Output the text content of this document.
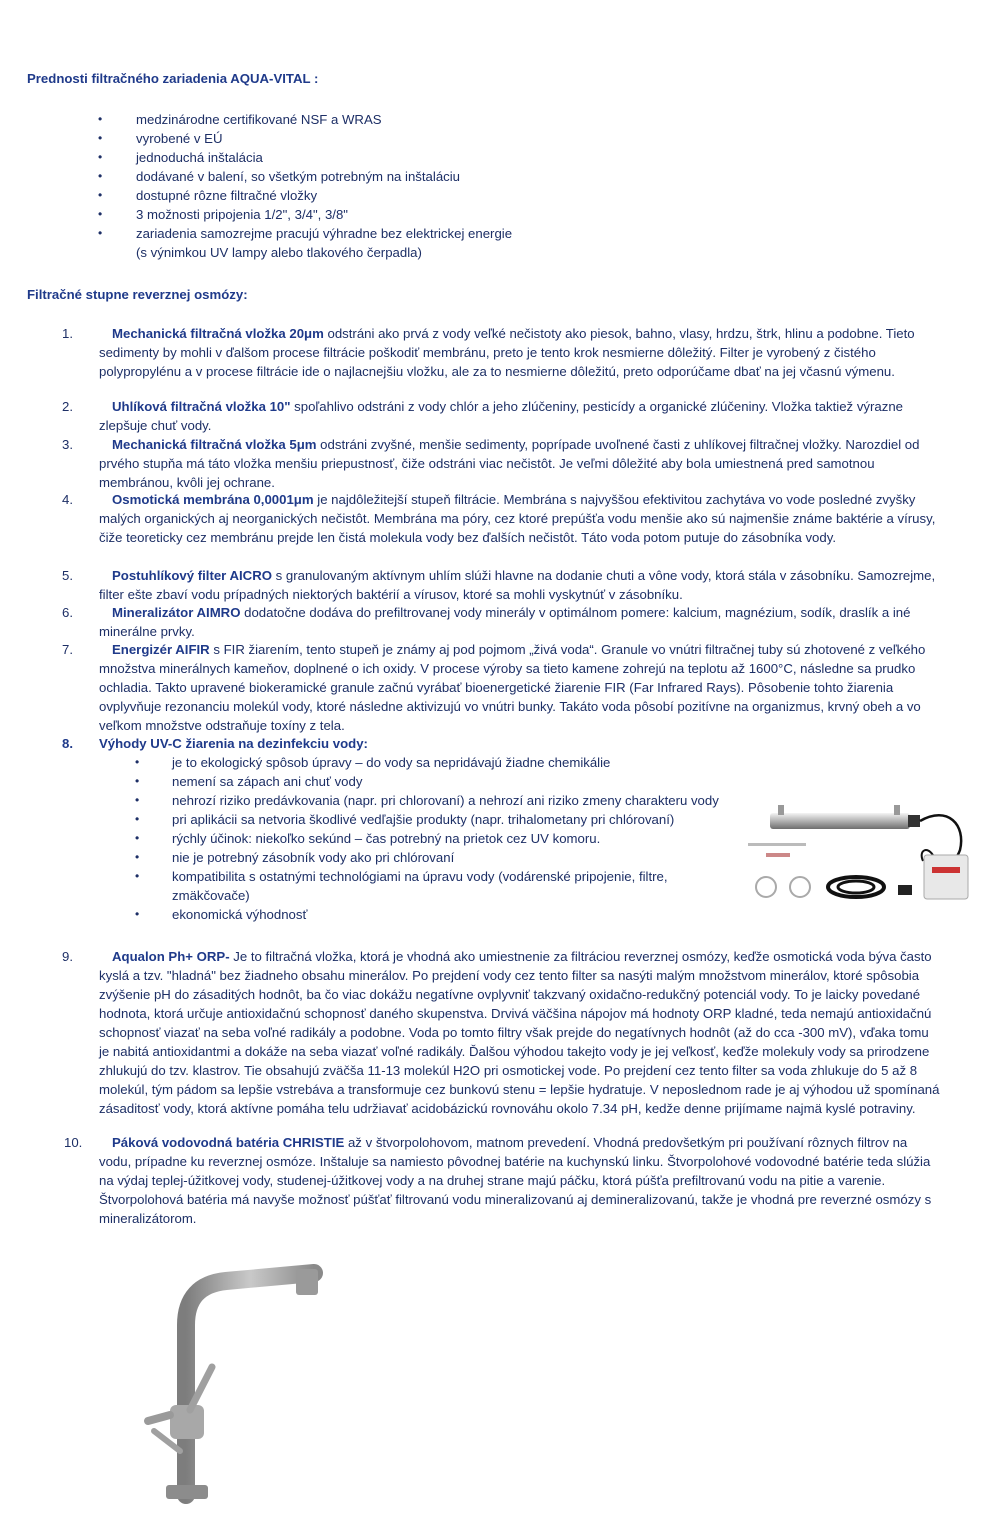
Prednosti filtračného zariadenia AQUA-VITAL :
•	medzinárodne certifikované NSF a WRAS
•	vyrobené v EÚ
•	jednoduchá inštalácia
•	dodávané v balení, so všetkým potrebným na inštaláciu
•	dostupné rôzne filtračné vložky
•	3 možnosti pripojenia 1/2", 3/4", 3/8"
•	zariadenia samozrejme pracujú výhradne bez elektrickej energie
(s výnimkou UV lampy alebo tlakového čerpadla)
Filtračné stupne reverznej osmózy:
1.	Mechanická filtračná vložka 20μm odstráni ako prvá z vody veľké nečistoty ako piesok, bahno, vlasy, hrdzu, štrk, hlinu a podobne. Tieto sedimenty by mohli v ďalšom procese filtrácie poškodiť membránu, preto je tento krok nesmierne dôležitý. Filter je vyrobený z čistého polypropylénu a v procese filtrácie ide o najlacnejšiu vložku, ale za to nesmierne dôležitú, preto odporúčame dbať na jej včasnú výmenu.
2.	Uhlíková filtračná vložka 10" spoľahlivo odstráni z vody chlór a jeho zlúčeniny, pesticídy a organické zlúčeniny. Vložka taktiež výrazne zlepšuje chuť vody.
3.	Mechanická filtračná vložka 5μm odstráni zvyšné, menšie sedimenty, poprípade uvoľnené časti z uhlíkovej filtračnej vložky. Narozdiel od prvého stupňa má táto vložka menšiu priepustnosť, čiže odstráni viac nečistôt. Je veľmi dôležité aby bola umiestnená pred samotnou membránou, kvôli jej ochrane.
4.	Osmotická membrána 0,0001μm je najdôležitejší stupeň filtrácie. Membrána s najvyššou efektivitou zachytáva vo vode posledné zvyšky malých organických aj neorganických nečistôt. Membrána ma póry, cez ktoré prepúšťa vodu menšie ako sú najmenšie známe baktérie a vírusy, čiže teoreticky cez membránu prejde len čistá molekula vody bez ďalších nečistôt. Táto voda potom putuje do zásobníka vody.
5.	Postuhlíkový filter AICRO s granulovaným aktívnym uhlím slúži hlavne na dodanie chuti a vône vody, ktorá stála v zásobníku. Samozrejme, filter ešte zbaví vodu prípadných niektorých baktérií a vírusov, ktoré sa mohli vyskytnúť v zásobníku.
6.	Mineralizátor AIMRO dodatočne dodáva do prefiltrovanej vody minerály v optimálnom pomere: kalcium, magnézium, sodík, draslík a iné minerálne prvky.
7.	Energizér AIFIR s FIR žiarením, tento stupeň je známy aj pod pojmom „živá voda“. Granule vo vnútri filtračnej tuby sú zhotovené z veľkého množstva minerálnych kameňov, doplnené o ich oxidy. V procese výroby sa tieto kamene zohrejú na teplotu až 1600°C, následne sa prudko ochladia. Takto upravené biokeramické granule začnú vyrábať bioenergetické žiarenie FIR (Far Infrared Rays). Pôsobenie tohto žiarenia ovplyvňuje rezonanciu molekúl vody, ktoré následne aktivizujú vo vnútri bunky. Takáto voda pôsobí pozitívne na organizmus, krvný obeh a vo veľkom množstve odstraňuje toxíny z tela.
8. Výhody UV-C žiarenia na dezinfekciu vody:
• je to ekologický spôsob úpravy – do vody sa nepridávajú žiadne chemikálie
• nemení sa zápach ani chuť vody
• nehrozí riziko predávkovania (napr. pri chlorovaní) a nehrozí ani riziko zmeny charakteru vody
• pri aplikácii sa netvoria škodlivé vedľajšie produkty (napr. trihalometany pri chlórovaní)
• rýchly účinok: niekoľko sekúnd – čas potrebný na prietok cez UV komoru.
• nie je potrebný zásobník vody ako pri chlórovaní
• kompatibilita s ostatnými technológiami na úpravu vody (vodárenské pripojenie, filtre, zmäkčovače)
• ekonomická výhodnosť
9.	Aqualon Ph+ ORP- Je to filtračná vložka, ktorá je vhodná ako umiestnenie za filtráciou reverznej osmózy, keďže osmotická voda býva často kyslá a tzv. "hladná" bez žiadneho obsahu minerálov. Po prejdení vody cez tento filter sa nasýti malým množstvom minerálov, ktoré spôsobia zvýšenie pH do zásaditých hodnôt, ba čo viac dokážu negatívne ovplyvniť takzvaný oxidačno-redukčný potenciál vody. To je laicky povedané hodnota, ktorá určuje antioxidačnú schopnosť daného skupenstva. Drvivá väčšina nápojov má hodnoty ORP kladné, teda nemajú antioxidačnú schopnosť viazať na seba voľné radikály a podobne. Voda po tomto filtry však prejde do negatívnych hodnôt (až do cca -300 mV), vďaka tomu je nabitá antioxidantmi a dokáže na seba viazať voľné radikály. Ďalšou výhodou takejto vody je jej veľkosť, keďže molekuly vody sa prirodzene zhlukujú do tzv. klastrov. Tie obsahujú zväčša 11-13 molekúl H2O pri osmotickej vode. Po prejdení cez tento filter sa voda zhlukuje do 5 až 8 molekúl, tým pádom sa lepšie vstrebáva a transformuje cez bunkovú stenu = lepšie hydratuje. V neposlednom rade je aj výhodou už spomínaná zásaditosť vody, ktorá aktívne pomáha telu udržiavať acidobázickú rovnováhu okolo 7.34 pH, kedže denne prijímame najmä kyslé potraviny.
10.	Páková vodovodná batéria CHRISTIE až v štvorpolohovom, matnom prevedení. Vhodná predovšetkým pri používaní rôznych filtrov na vodu, prípadne ku reverznej osmóze. Inštaluje sa namiesto pôvodnej batérie na kuchynskú linku. Štvorpolohové vodovodné batérie teda slúžia na výdaj teplej-úžitkovej vody, studenej-úžitkovej vody a na druhej strane majú páčku, ktorá púšťa prefiltrovanú vodu na pitie a varenie. Štvorpolohová batéria má navyše možnosť púšťať filtrovanú vodu mineralizovanú aj demineralizovanú, takže je vhodná pre reverzné osmózy s mineralizátorom.
